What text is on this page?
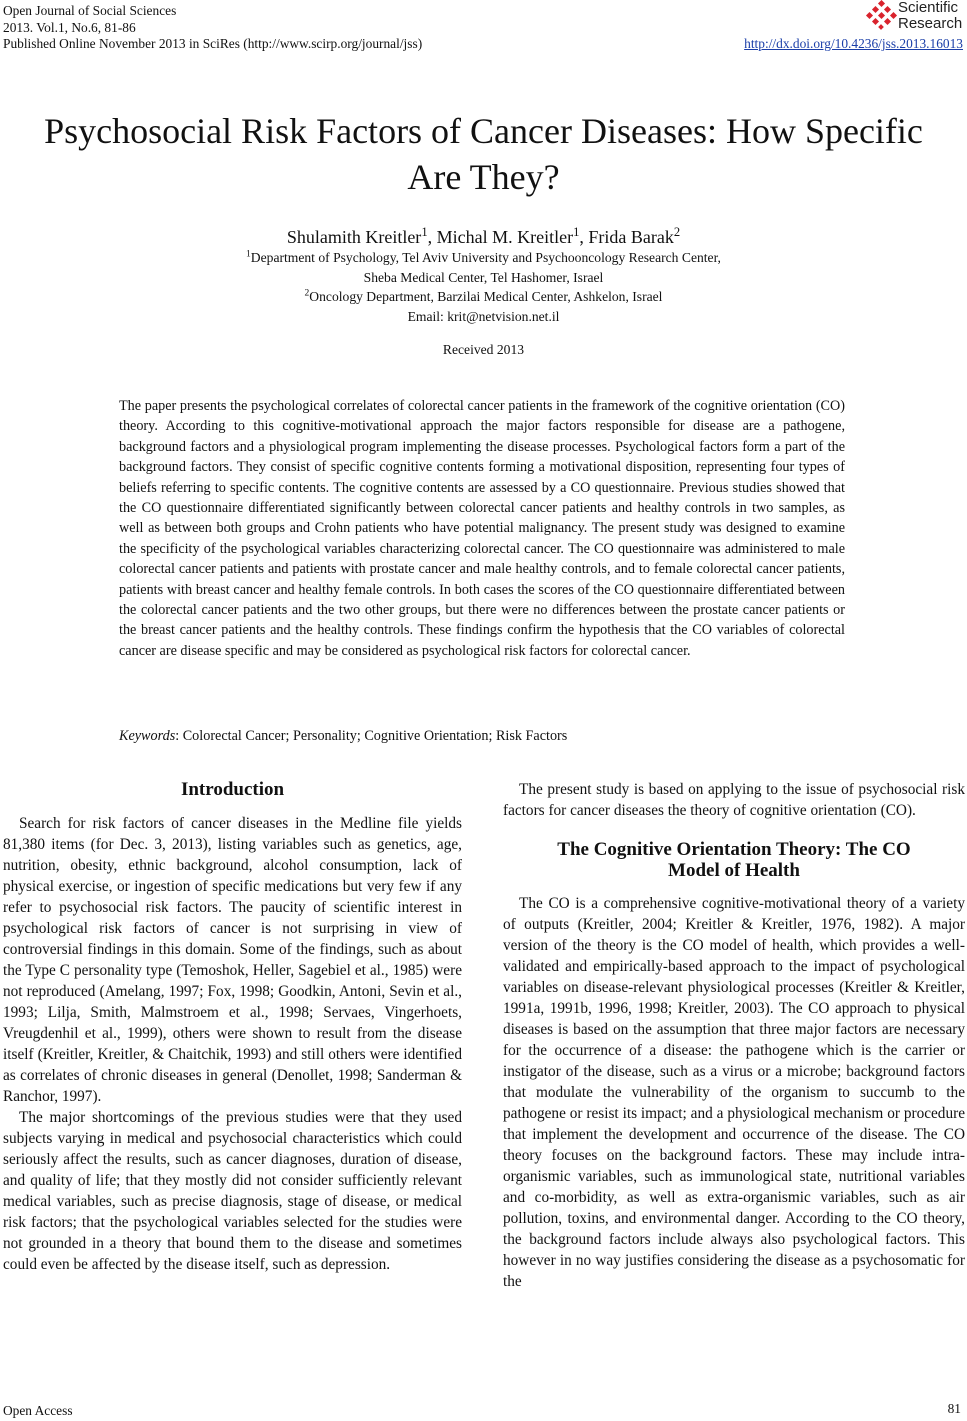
Open Journal of Social Sciences
2013. Vol.1, No.6, 81-86
Published Online November 2013 in SciRes (http://www.scirp.org/journal/jss)
Scientific
Research
http://dx.doi.org/10.4236/jss.2013.16013
Psychosocial Risk Factors of Cancer Diseases: How Specific Are They?
Shulamith Kreitler$^1$, Michal M. Kreitler$^1$, Frida Barak$^2$
$^1$Department of Psychology, Tel Aviv University and Psychooncology Research Center,
Sheba Medical Center, Tel Hashomer, Israel
$^2$Oncology Department, Barzilai Medical Center, Ashkelon, Israel
Email: krit@netvision.net.il
Received 2013
The paper presents the psychological correlates of colorectal cancer patients in the framework of the cognitive orientation (CO) theory. According to this cognitive-motivational approach the major factors responsible for disease are a pathogene, background factors and a physiological program implementing the disease processes. Psychological factors form a part of the background factors. They consist of specific cognitive contents forming a motivational disposition, representing four types of beliefs referring to specific contents. The cognitive contents are assessed by a CO questionnaire. Previous studies showed that the CO questionnaire differentiated significantly between colorectal cancer patients and healthy controls in two samples, as well as between both groups and Crohn patients who have potential malignancy. The present study was designed to examine the specificity of the psychological variables characterizing colorectal cancer. The CO questionnaire was administered to male colorectal cancer patients and patients with prostate cancer and male healthy controls, and to female colorectal cancer patients, patients with breast cancer and healthy female controls. In both cases the scores of the CO questionnaire differentiated between the colorectal cancer patients and the two other groups, but there were no differences between the prostate cancer patients or the breast cancer patients and the healthy controls. These findings confirm the hypothesis that the CO variables of colorectal cancer are disease specific and may be considered as psychological risk factors for colorectal cancer.
Keywords: Colorectal Cancer; Personality; Cognitive Orientation; Risk Factors
Introduction

Search for risk factors of cancer diseases in the Medline file yields 81,380 items (for Dec. 3, 2013), listing variables such as genetics, age, nutrition, obesity, ethnic background, alcohol consumption, lack of physical exercise, or ingestion of specific medications but very few if any refer to psychosocial risk factors. The paucity of scientific interest in psychological risk factors of cancer is not surprising in view of controversial findings in this domain. Some of the findings, such as about the Type C personality type (Temoshok, Heller, Sagebiel et al., 1985) were not reproduced (Amelang, 1997; Fox, 1998; Goodkin, Antoni, Sevin et al., 1993; Lilja, Smith, Malmstroem et al., 1998; Servaes, Vingerhoets, Vreugdenhil et al., 1999), others were shown to result from the disease itself (Kreitler, Kreitler, & Chaitchik, 1993) and still others were identified as correlates of chronic diseases in general (Denollet, 1998; Sanderman & Ranchor, 1997).

The major shortcomings of the previous studies were that they used subjects varying in medical and psychosocial characteristics which could seriously affect the results, such as cancer diagnoses, duration of disease, and quality of life; that they mostly did not consider sufficiently relevant medical variables, such as precise diagnosis, stage of disease, or medical risk factors; that the psychological variables selected for the studies were not grounded in a theory that bound them to the disease and sometimes could even be affected by the disease itself, such as depression.

The present study is based on applying to the issue of psychosocial risk factors for cancer diseases the theory of cognitive orientation (CO).

The Cognitive Orientation Theory: The CO
Model of Health

The CO is a comprehensive cognitive-motivational theory of a variety of outputs (Kreitler, 2004; Kreitler & Kreitler, 1976, 1982). A major version of the theory is the CO model of health, which provides a well-validated and empirically-based approach to the impact of psychological variables on disease-relevant physiological processes (Kreitler & Kreitler, 1991a, 1991b, 1996, 1998; Kreitler, 2003). The CO approach to physical diseases is based on the assumption that three major factors are necessary for the occurrence of a disease: the pathogene which is the carrier or instigator of the disease, such as a virus or a microbe; background factors that modulate the vulnerability of the organism to succumb to the pathogene or resist its impact; and a physiological mechanism or procedure that implement the development and occurrence of the disease. The CO theory focuses on the background factors. These may include intra-organismic variables, such as immunological state, nutritional variables and co-morbidity, as well as extra-organismic variables, such as air pollution, toxins, and environmental danger. According to the CO theory, the background factors include always also psychological factors. This however in no way justifies considering the disease as a psychosomatic for the

Open Access	81
